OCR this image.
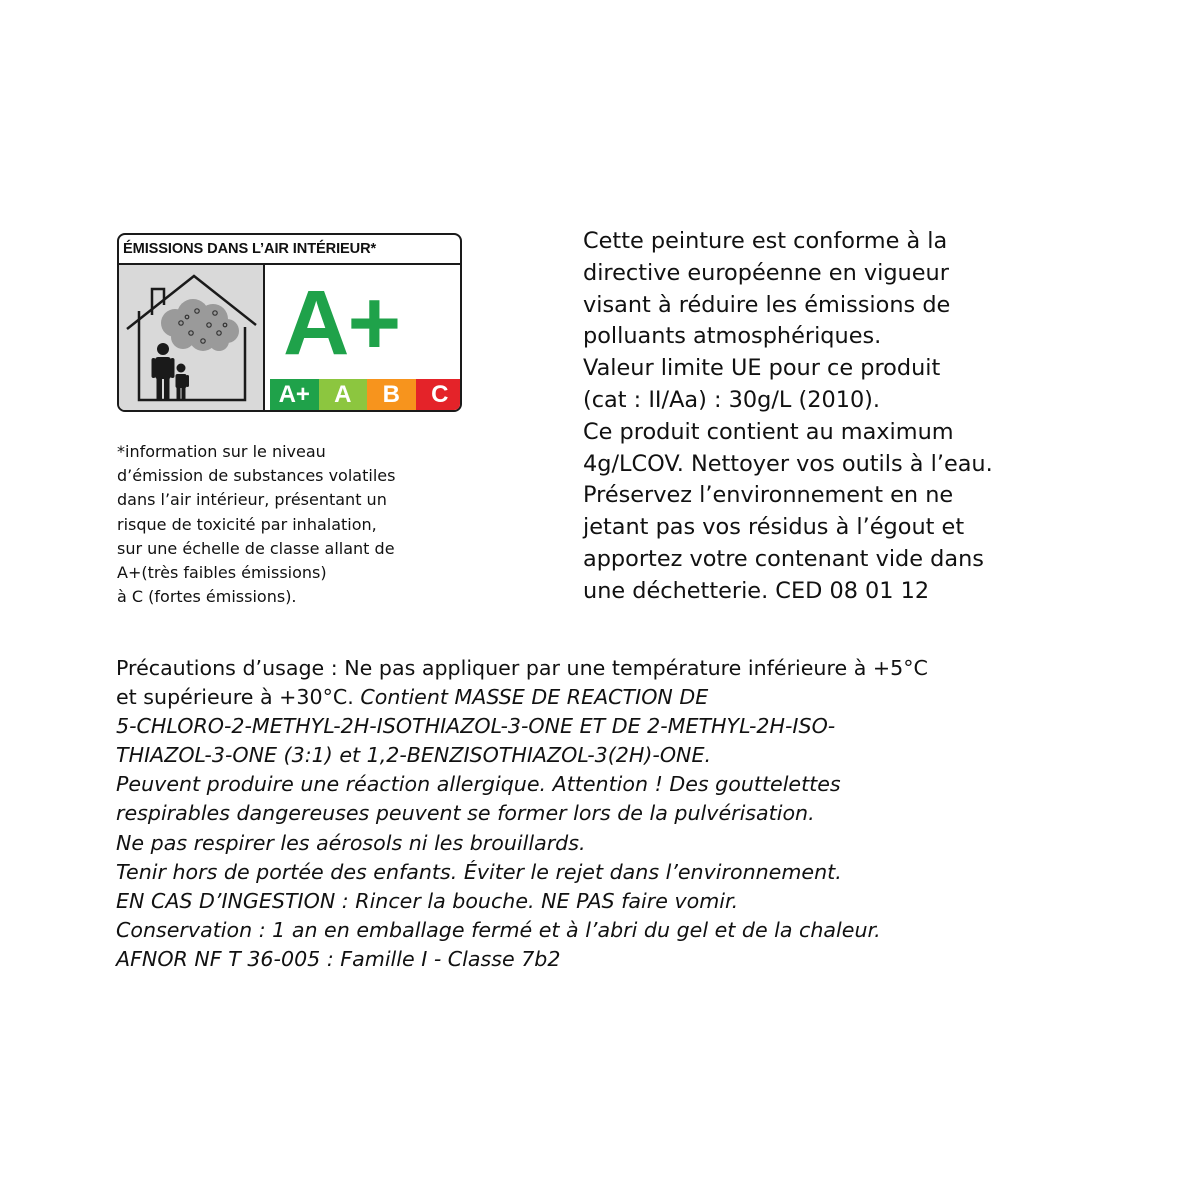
ÉMISSIONS DANS L’AIR INTÉRIEUR*
A+
A+	A	B	C
*information sur le niveau
d’émission de substances volatiles
dans l’air intérieur, présentant un
risque de toxicité par inhalation,
sur une échelle de classe allant de
A+(très faibles émissions)
à C (fortes émissions).
Cette peinture est conforme à la
directive européenne en vigueur
visant à réduire les émissions de
polluants atmosphériques.
Valeur limite UE pour ce produit
(cat : II/Aa) : 30g/L (2010).
Ce produit contient au maximum
4g/LCOV. Nettoyer vos outils à l’eau.
Préservez l’environnement en ne
jetant pas vos résidus à l’égout et
apportez votre contenant vide dans
une déchetterie. CED 08 01 12
Précautions d’usage : Ne pas appliquer par une température inférieure à +5°C
et supérieure à +30°C. Contient MASSE DE REACTION DE
5-CHLORO-2-METHYL-2H-ISOTHIAZOL-3-ONE ET DE 2-METHYL-2H-ISO-
THIAZOL-3-ONE (3:1) et 1,2-BENZISOTHIAZOL-3(2H)-ONE.
Peuvent produire une réaction allergique. Attention ! Des gouttelettes
respirables dangereuses peuvent se former lors de la pulvérisation.
Ne pas respirer les aérosols ni les brouillards.
Tenir hors de portée des enfants. Éviter le rejet dans l’environnement.
EN CAS D’INGESTION : Rincer la bouche. NE PAS faire vomir.
Conservation : 1 an en emballage fermé et à l’abri du gel et de la chaleur.
AFNOR NF T 36-005 : Famille I - Classe 7b2
